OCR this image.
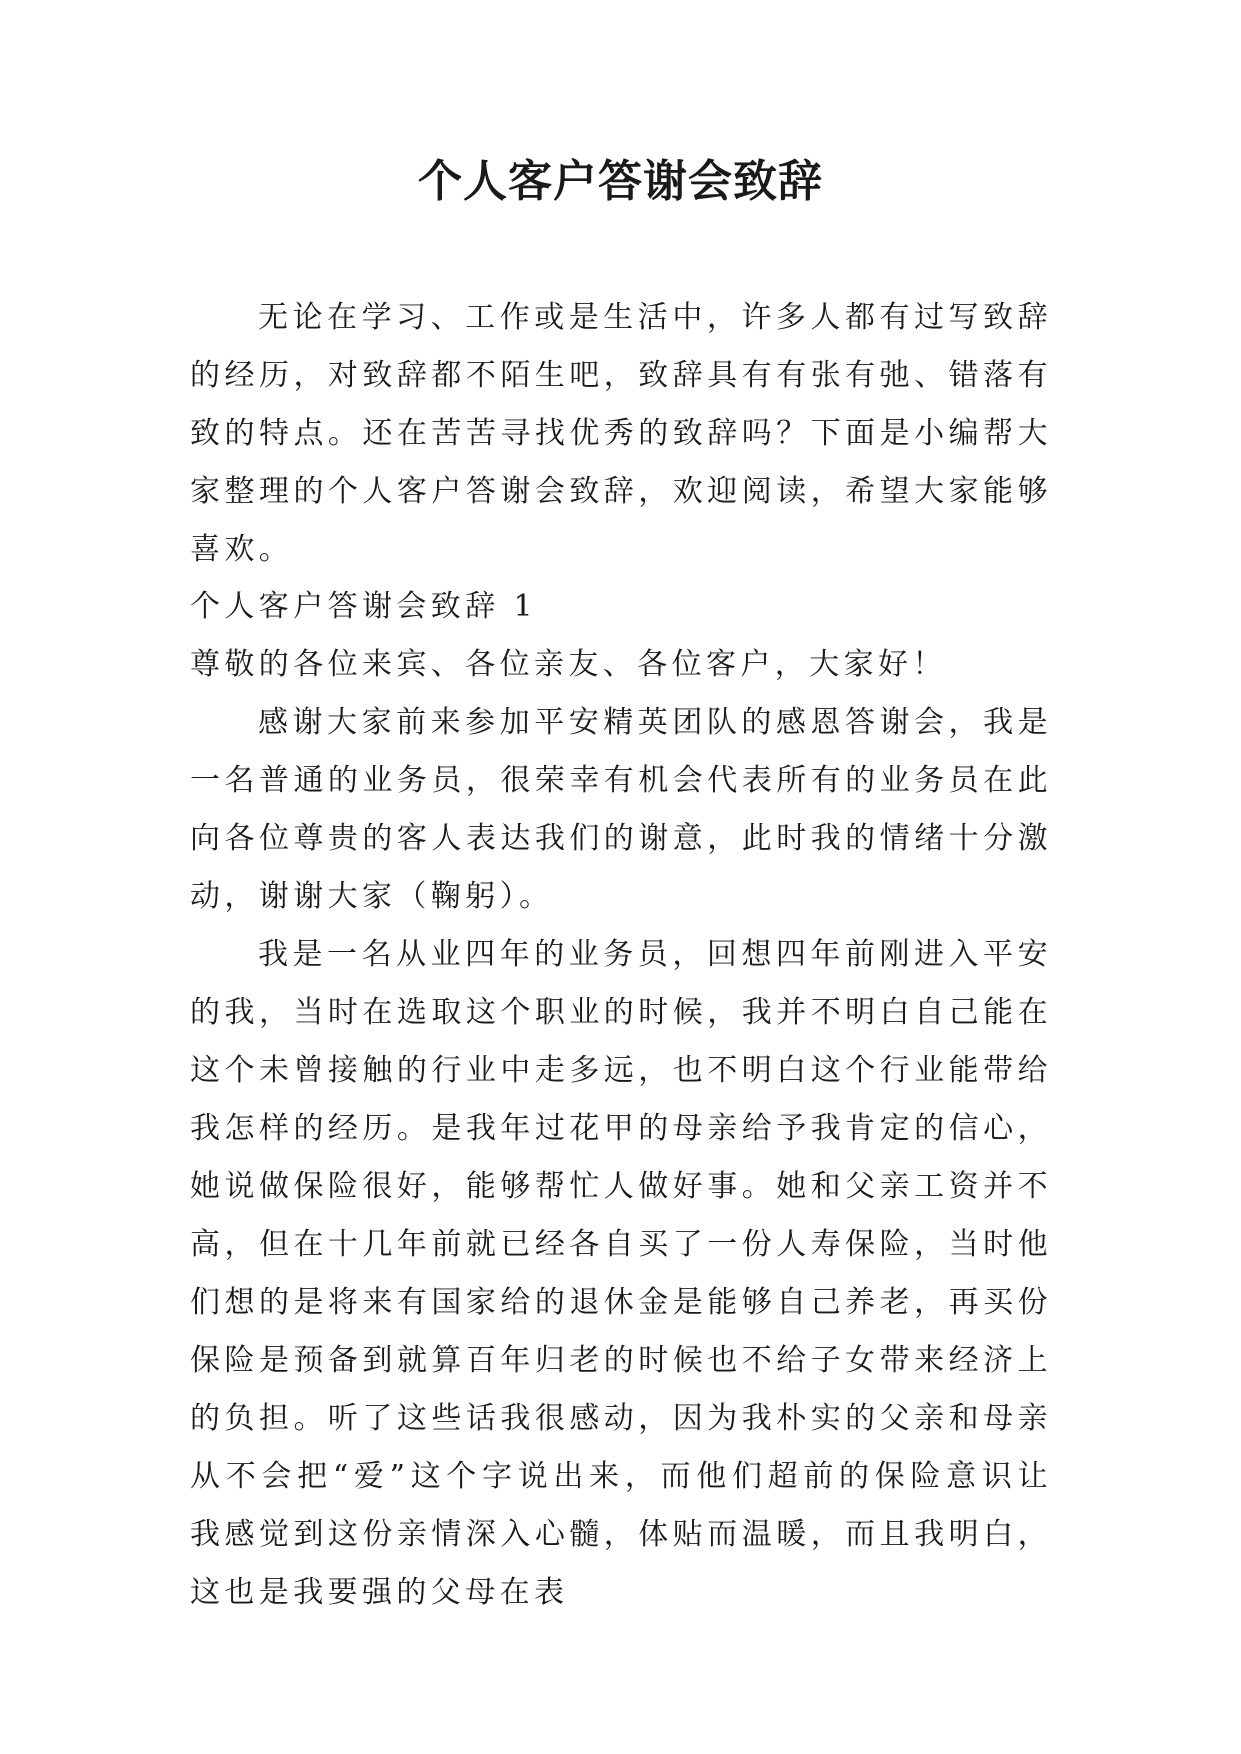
个人客户答谢会致辞

无论在学习、工作或是生活中，许多人都有过写致辞的经历，对致辞都不陌生吧，致辞具有有张有弛、错落有致的特点。还在苦苦寻找优秀的致辞吗？下面是小编帮大家整理的个人客户答谢会致辞，欢迎阅读，希望大家能够喜欢。

个人客户答谢会致辞 1

尊敬的各位来宾、各位亲友、各位客户，大家好！

感谢大家前来参加平安精英团队的感恩答谢会，我是一名普通的业务员，很荣幸有机会代表所有的业务员在此向各位尊贵的客人表达我们的谢意，此时我的情绪十分激动，谢谢大家（鞠躬）。

我是一名从业四年的业务员，回想四年前刚进入平安的我，当时在选取这个职业的时候，我并不明白自己能在这个未曾接触的行业中走多远，也不明白这个行业能带给我怎样的经历。是我年过花甲的母亲给予我肯定的信心，她说做保险很好，能够帮忙人做好事。她和父亲工资并不高，但在十几年前就已经各自买了一份人寿保险，当时他们想的是将来有国家给的退休金是能够自己养老，再买份保险是预备到就算百年归老的时候也不给子女带来经济上的负担。听了这些话我很感动，因为我朴实的父亲和母亲从不会把“爱”这个字说出来，而他们超前的保险意识让我感觉到这份亲情深入心髓，体贴而温暖，而且我明白，这也是我要强的父母在表
